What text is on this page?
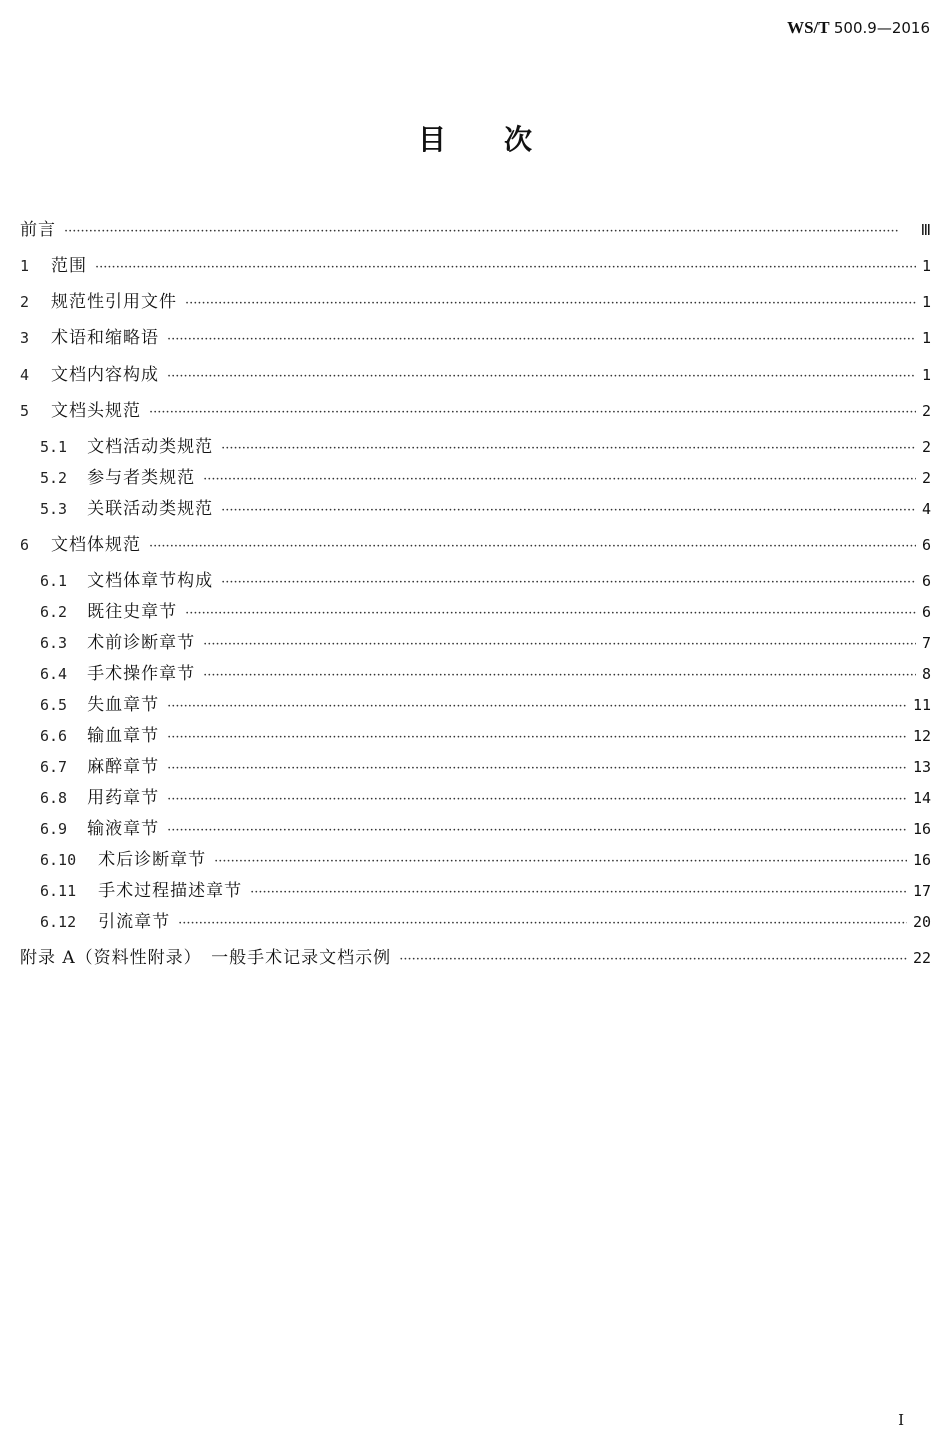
WS/T 500.9—2016
目次
前言 ·····	Ⅲ
1 范围 ·····	1
2 规范性引用文件 ·····	1
3 术语和缩略语 ·····	1
4 文档内容构成 ·····	1
5 文档头规范 ·····	2
5.1 文档活动类规范 ·····	2
5.2 参与者类规范 ·····	2
5.3 关联活动类规范 ·····	4
6 文档体规范 ·····	6
6.1 文档体章节构成 ·····	6
6.2 既往史章节 ·····	6
6.3 术前诊断章节 ·····	7
6.4 手术操作章节 ·····	8
6.5 失血章节 ·····	11
6.6 输血章节 ·····	12
6.7 麻醉章节 ·····	13
6.8 用药章节 ·····	14
6.9 输液章节 ·····	16
6.10 术后诊断章节 ·····	16
6.11 手术过程描述章节 ·····	17
6.12 引流章节 ·····	20
附录 A（资料性附录）　一般手术记录文档示例 ·····	22
I
